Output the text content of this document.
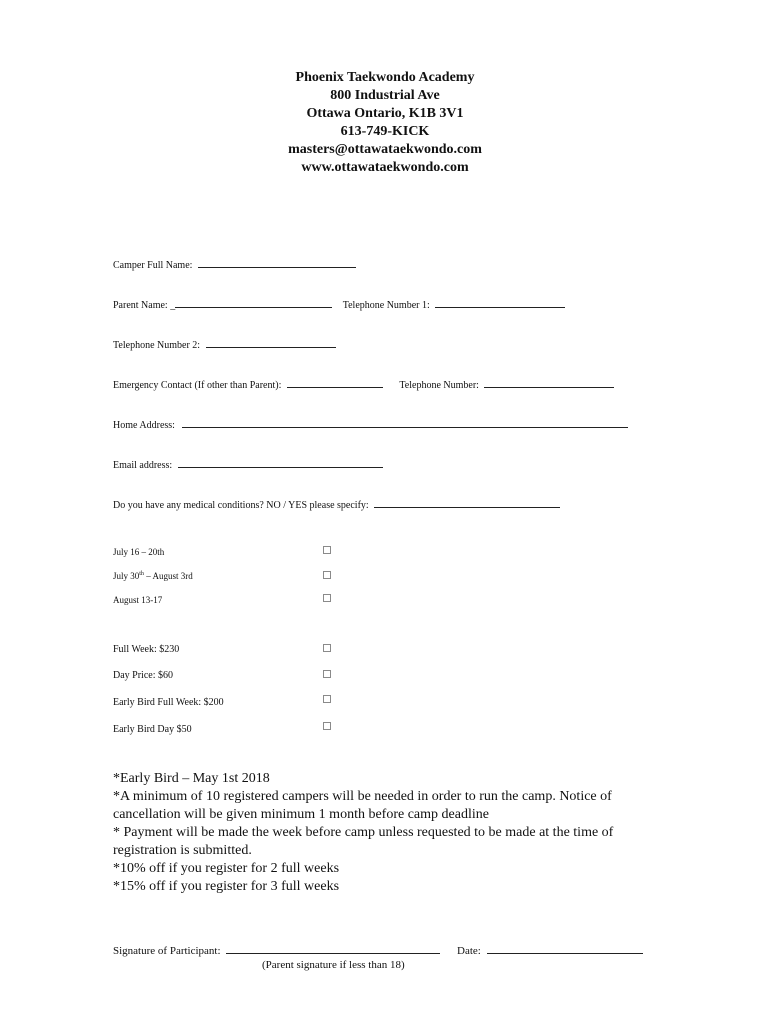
Phoenix Taekwondo Academy
800 Industrial Ave
Ottawa Ontario, K1B 3V1
613-749-KICK
masters@ottawataekwondo.com
www.ottawataekwondo.com
Camper Full Name:
Parent Name: _	Telephone Number 1:
Telephone Number 2:
Emergency Contact (If other than Parent):	Telephone Number:
Home Address:
Email address:
Do you have any medical conditions? NO / YES please specify:
July 16 – 20th
July 30th – August 3rd
August 13-17
Full Week: $230
Day Price: $60
Early Bird Full Week: $200
Early Bird Day $50
*Early Bird – May 1st 2018
*A minimum of 10 registered campers will be needed in order to run the camp. Notice of cancellation will be given minimum 1 month before camp deadline
* Payment will be made the week before camp unless requested to be made at the time of registration is submitted.
*10% off if you register for 2 full weeks
*15% off if you register for 3 full weeks
Signature of Participant:	Date:
(Parent signature if less than 18)
